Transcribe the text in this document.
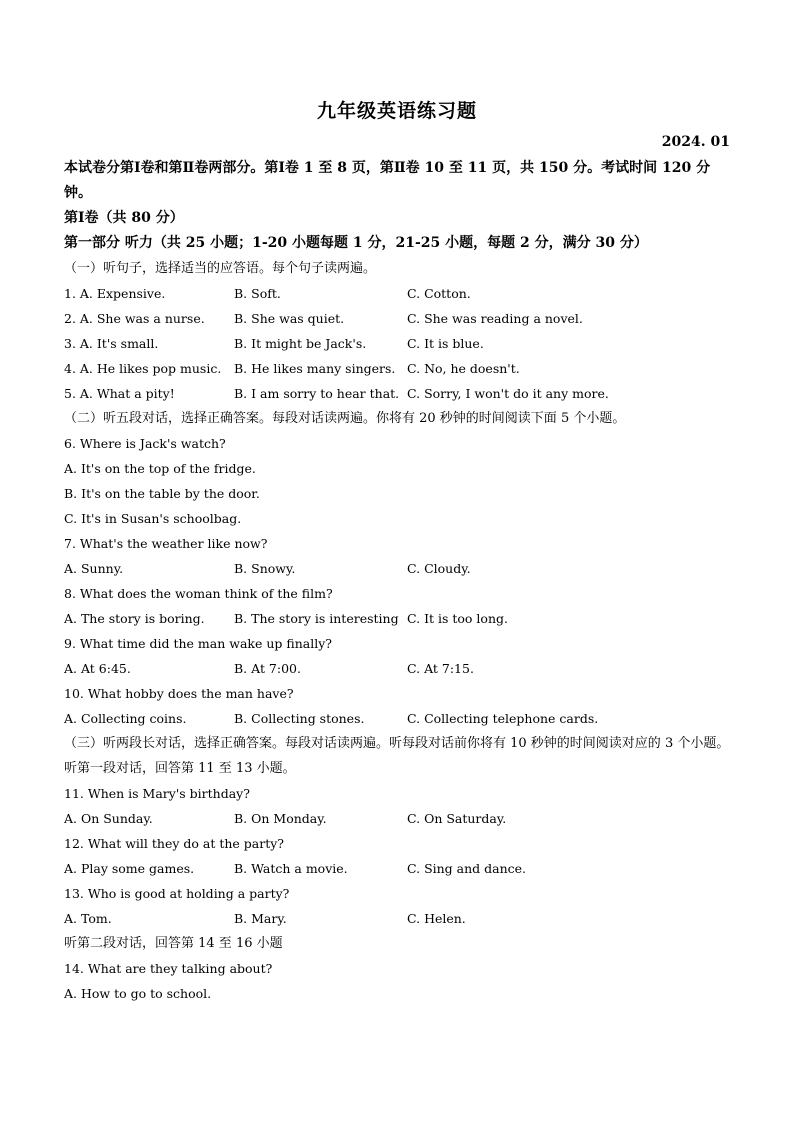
九年级英语练习题
2024. 01
本试卷分第Ⅰ卷和第Ⅱ卷两部分。第Ⅰ卷 1 至 8 页，第Ⅱ卷 10 至 11 页，共 150 分。考试时间 120 分钟。
第Ⅰ卷（共 80 分）
第一部分 听力（共 25 小题；1-20 小题每题 1 分，21-25 小题，每题 2 分，满分 30 分）
（一）听句子，选择适当的应答语。每个句子读两遍。
1. A. Expensive.	B. Soft.	C. Cotton.
2. A. She was a nurse. B. She was quiet.	C. She was reading a novel.
3. A. It's small.	B. It might be Jack's.	C. It is blue.
4. A. He likes pop music. B. He likes many singers. C. No, he doesn't.
5. A. What a pity!	B. I am sorry to hear that. C. Sorry, I won't do it any more.
（二）听五段对话，选择正确答案。每段对话读两遍。你将有 20 秒钟的时间阅读下面 5 个小题。
6. Where is Jack's watch?
A. It's on the top of the fridge.
B. It's on the table by the door.
C. It's in Susan's schoolbag.
7. What's the weather like now?
A. Sunny.	B. Snowy.	C. Cloudy.
8. What does the woman think of the film?
A. The story is boring. B. The story is interesting C. It is too long.
9. What time did the man wake up finally?
A. At 6:45.	B. At 7:00.	C. At 7:15.
10. What hobby does the man have?
A. Collecting coins.	B. Collecting stones.	C. Collecting telephone cards.
（三）听两段长对话，选择正确答案。每段对话读两遍。听每段对话前你将有 10 秒钟的时间阅读对应的 3 个小题。
听第一段对话，回答第 11 至 13 小题。
11. When is Mary's birthday?
A. On Sunday.	B. On Monday.	C. On Saturday.
12. What will they do at the party?
A. Play some games.	B. Watch a movie.	C. Sing and dance.
13. Who is good at holding a party?
A. Tom.	B. Mary.	C. Helen.
听第二段对话，回答第 14 至 16 小题
14. What are they talking about?
A. How to go to school.
